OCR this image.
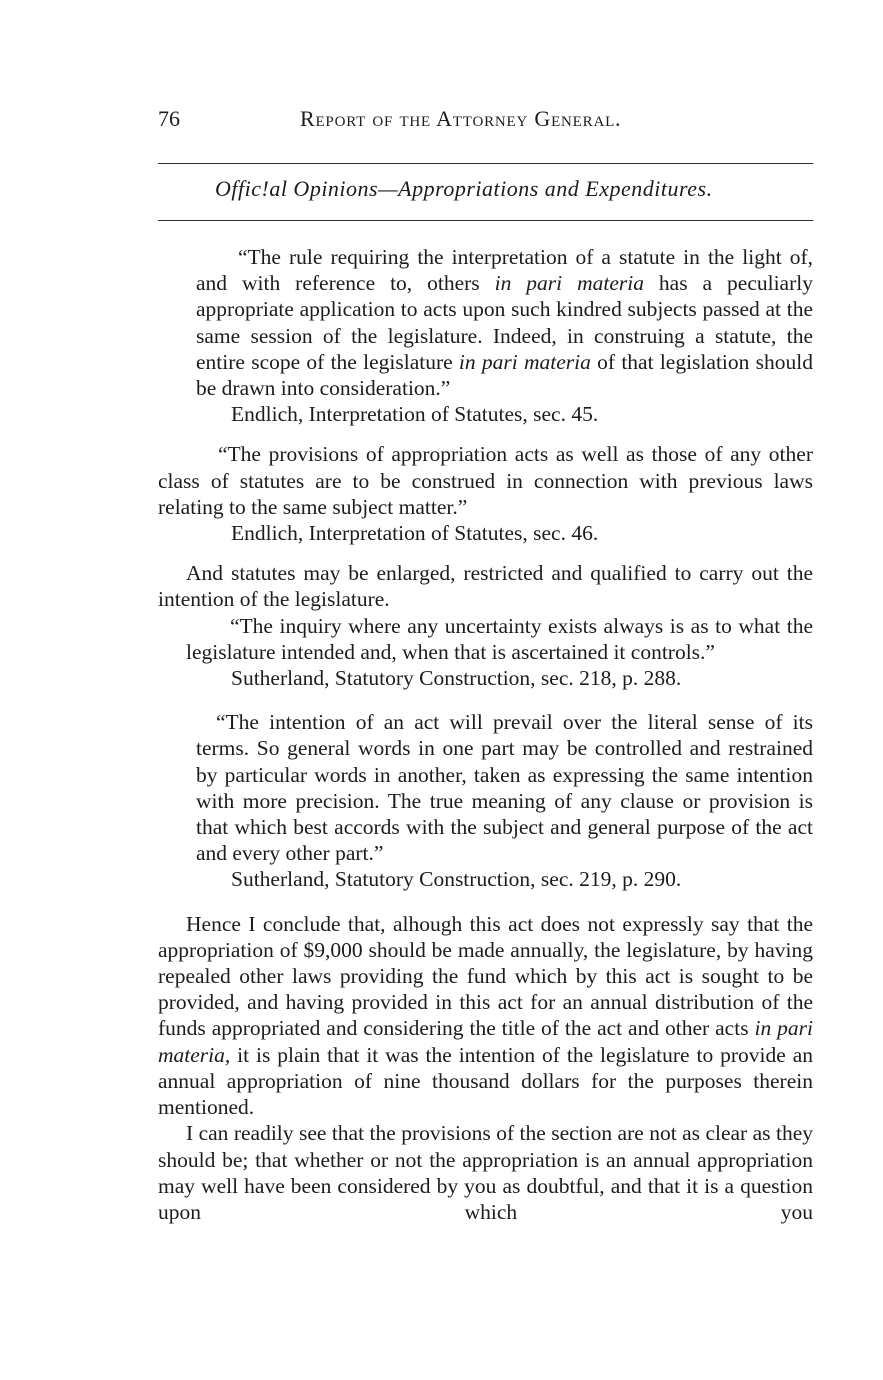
76	Report of the Attorney General.
Offic!al Opinions—Appropriations and Expenditures.

“The rule requiring the interpretation of a statute in the light of, and with reference to, others in pari materia has a peculiarly appropriate application to acts upon such kindred subjects passed at the same session of the legislature. Indeed, in construing a statute, the entire scope of the legislature in pari materia of that legislation should be drawn into consideration.”

Endlich, Interpretation of Statutes, sec. 45.

“The provisions of appropriation acts as well as those of any other class of statutes are to be construed in connection with previous laws relating to the same subject matter.”

Endlich, Interpretation of Statutes, sec. 46.

And statutes may be enlarged, restricted and qualified to carry out the intention of the legislature.

“The inquiry where any uncertainty exists always is as to what the legislature intended and, when that is ascertained it controls.”

Sutherland, Statutory Construction, sec. 218, p. 288.

“The intention of an act will prevail over the literal sense of its terms. So general words in one part may be controlled and restrained by particular words in another, taken as expressing the same intention with more precision. The true meaning of any clause or provision is that which best accords with the subject and general purpose of the act and every other part.”

Sutherland, Statutory Construction, sec. 219, p. 290.

Hence I conclude that, alhough this act does not expressly say that the appropriation of $9,000 should be made annually, the legislature, by having repealed other laws providing the fund which by this act is sought to be provided, and having provided in this act for an annual distribution of the funds appropriated and considering the title of the act and other acts in pari materia, it is plain that it was the intention of the legislature to provide an annual appropriation of nine thousand dollars for the purposes therein mentioned.

I can readily see that the provisions of the section are not as clear as they should be; that whether or not the appropriation is an annual appropriation may well have been considered by you as doubtful, and that it is a question upon which you
